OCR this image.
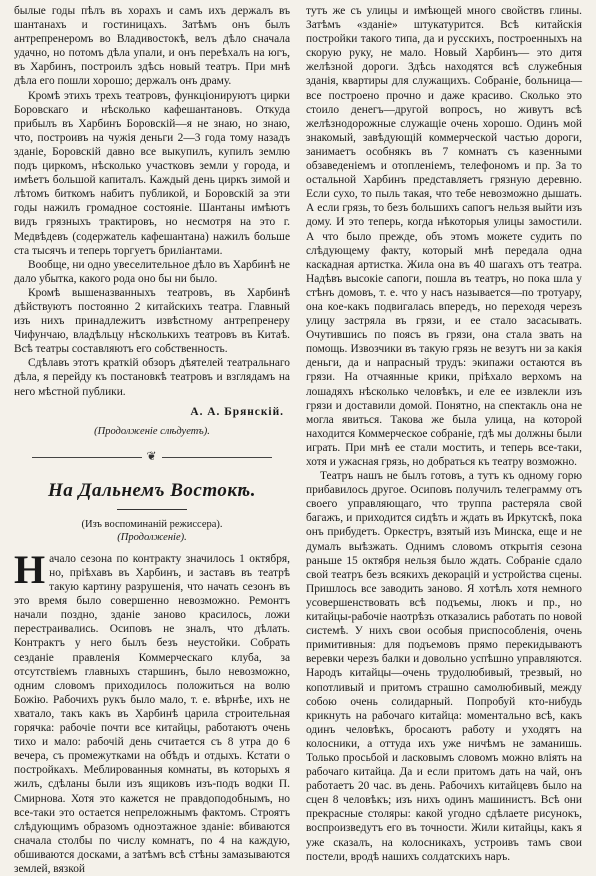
былые годы пѣлъ въ хорахъ и самъ ихъ держалъ въ шантанахъ и гостиницахъ. Затѣмъ онъ былъ антрепренеромъ во Владивостокѣ, велъ дѣло сначала удачно, но потомъ дѣла упали, и онъ переѣхалъ на югъ, въ Харбинъ, построилъ здѣсь новый театръ. При мнѣ дѣла его пошли хорошо; держалъ онъ драму.

Кромѣ этихъ трехъ театровъ, функціонируютъ цирки Боровскаго и нѣсколько кафешантановъ. Откуда прибылъ въ Харбинъ Боровскій—я не знаю, но знаю, что, построивъ на чужія деньги 2—3 года тому назадъ зданіе, Боровскій давно все выкупилъ, купилъ землю подъ циркомъ, нѣсколько участковъ земли у города, и имѣетъ большой капиталъ. Каждый день циркъ зимой и лѣтомъ биткомъ набитъ публикой, и Боровскій за эти годы нажилъ громадное состояніе. Шантаны имѣютъ видъ грязныхъ трактировъ, но несмотря на это г. Медвѣдевъ (содержатель кафешантана) нажилъ больше ста тысячъ и теперь торгуетъ бриліантами.

Вообще, ни одно увеселительное дѣло въ Харбинѣ не дало убытка, какого рода оно бы ни было.

Кромѣ вышеназванныхъ театровъ, въ Харбинѣ дѣйствуютъ постоянно 2 китайскихъ театра. Главный изъ нихъ принадлежитъ извѣстному антрепренеру Чифунчаю, владѣльцу нѣсколькихъ театровъ въ Китаѣ. Всѣ театры составляютъ его собственность.

Сдѣлавъ этотъ краткій обзоръ дѣятелей театральнаго дѣла, я перейду къ постановкѣ театровъ и взглядамъ на него мѣстной публики.

А. А. Брянскій.

(Продолженіе слѣдуетъ).

❦
На Дальнемъ Востокѣ.

(Изъ воспоминаній режиссера).

(Продолженіе).

Начало сезона по контракту значилось 1 октября, но, пріѣхавъ въ Харбинъ, и заставъ въ театрѣ такую картину разрушенія, что начать сезонъ въ это время было совершенно невозможно. Ремонтъ начали поздно, зданіе заново красилось, ложи перестраивались. Осиповъ не зналъ, что дѣлать. Контрактъ у него былъ безъ неустойки. Собрать сезданіе правленія Коммерческаго клуба, за отсутствіемъ главныхъ старшинъ, было невозможно, одним словомъ приходилось положиться на волю Божію. Рабочихъ рукъ было мало, т. е. вѣрнѣе, ихъ не хватало, такъ какъ въ Харбинѣ царила строительная горячка: рабочіе почти все китайцы, работаютъ очень тихо и мало: рабочій день считается съ 8 утра до 6 вечера, съ промежутками на обѣдъ и отдыхъ. Кстати о постройкахъ. Меблированныя комнаты, въ которыхъ я жилъ, сдѣланы были изъ ящиковъ изъ-подъ водки П. Смирнова. Хотя это кажется не правдоподобнымъ, но все-таки это остается непреложнымъ фактомъ. Строятъ слѣдующимъ образомъ одноэтажное зданіе: вбиваются сначала столбы по числу комнатъ, по 4 на каждую, обшиваются досками, а затѣмъ всѣ стѣны замазываются землей, вязкой

тутъ же съ улицы и имѣющей много свойствъ глины. Затѣмъ «зданіе» штукатурится. Всѣ китайскія постройки такого типа, да и русскихъ, построенныхъ на скорую руку, не мало. Новый Харбинъ— это дитя желѣзной дороги. Здѣсь находятся всѣ служебныя зданія, квартиры для служащихъ. Собраніе, больница—все построено прочно и даже красиво. Сколько это стоило денегъ—другой вопросъ, но живутъ всѣ желѣзнодорожные служащіе очень хорошо. Одинъ мой знакомый, завѣдующій коммерческой частью дороги, занимаетъ особнякъ въ 7 комнатъ съ казенными обзаведеніемъ и отопленіемъ, телефономъ и пр. За то остальной Харбинъ представляетъ грязную деревню. Если сухо, то пыль такая, что тебе невозможно дышать. А если грязь, то безъ большихъ сапогъ нельзя выйти изъ дому. И это теперь, когда нѣкоторыя улицы замостили. А что было прежде, объ этомъ можете судить по слѣдующему факту, который мнѣ передала одна каскадная артистка. Жила она въ 40 шагахъ отъ театра. Надѣвъ высокіе сапоги, пошла въ театръ, но пока шла у стѣнъ домовъ, т. е. что у насъ называется—по тротуару, она кое-какъ подвигалась впередъ, но переходя черезъ улицу застряла въ грязи, и ее стало засасывать. Очутившись по поясъ въ грязи, она стала звать на помощь. Извозчики въ такую грязь не везутъ ни за какія деньги, да и напрасный трудъ: экипажи остаются въ грязи. На отчаянные крики, пріѣхало верхомъ на лошадяхъ нѣсколько человѣкъ, и еле ее извлекли изъ грязи и доставили домой. Понятно, на спектакль она не могла явиться. Такова же была улица, на которой находится Коммерческое собраніе, гдѣ мы должны были играть. При мнѣ ее стали мостить, и теперь все-таки, хотя и ужасная грязь, но добраться къ театру возможно.

Театръ нашъ не былъ готовъ, а тутъ къ одному горю прибавилось другое. Осиповъ получилъ телеграмму отъ своего управляющаго, что труппа растеряла свой багажъ, и приходится сидѣть и ждать въ Иркутскѣ, пока онъ прибудетъ. Оркестръ, взятый изъ Минска, еще и не думалъ выѣзжать. Однимъ словомъ открытія сезона раньше 15 октября нельзя было ждать. Собраніе сдало свой театръ безъ всякихъ декорацій и устройства сцены. Пришлось все заводить заново. Я хотѣлъ хотя немного усовершенствовать всѣ подъемы, люкъ и пр., но китайцы-рабочіе наотрѣзъ отказались работать по новой системѣ. У нихъ свои особыя приспособленія, очень примитивныя: для подъемовъ прямо перекидываютъ веревки черезъ балки и довольно успѣшно управляются. Народъ китайцы—очень трудолюбивый, трезвый, но копотливый и притомъ страшно самолюбивый, между собою очень солидарный. Попробуй кто-нибудь крикнуть на рабочаго китайца: моментально всѣ, какъ одинъ человѣкъ, бросаютъ работу и уходятъ на колосники, а оттуда ихъ уже ничѣмъ не заманишь. Только просьбой и ласковымъ словомъ можно вліять на рабочаго китайца. Да и если притомъ дать на чай, онъ работаетъ 20 час. въ день. Рабочихъ китайцевъ было на сцен 8 человѣкъ; изъ нихъ одинъ машинистъ. Всѣ они прекрасные столяры: какой угодно сдѣлаете рисунокъ, воспроизведутъ его въ точности. Жили китайцы, какъ я уже сказалъ, на колосникахъ, устроивъ тамъ свои постели, вродѣ нашихъ солдатскихъ наръ.
